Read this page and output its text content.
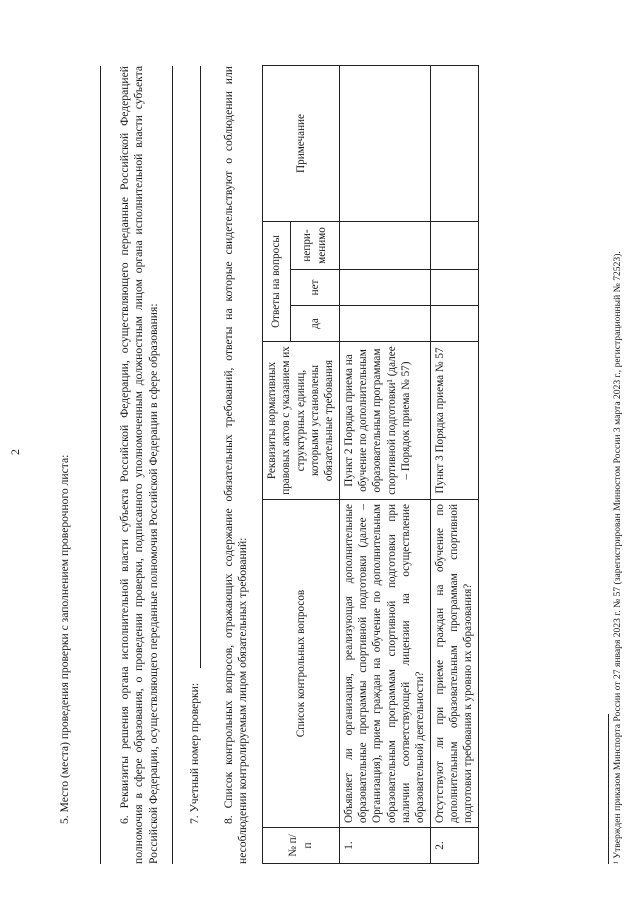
2
5. Место (места) проведения проверки с заполнением проверочного листа:	6. Реквизиты решения органа исполнительной власти субъекта Российской Федерации, осуществляющего переданные Российской Федерацией полномочия в сфере образования, о проведении проверки, подписанного уполномоченным должностным лицом органа исполнительной власти субъекта Российской Федерации, осуществляющего переданные полномочия Российской Федерации в сфере образования: 7. Учетный номер проверки: 8. Список контрольных вопросов, отражающих содержание обязательных требований, ответы на которые свидетельствуют о соблюдении или несоблюдении контролируемым лицом обязательных требований:	№ п/п	Список контрольных вопросов	Реквизиты нормативных правовых актов с указанием их структурных единиц, которыми установлены обязательные требования	Ответы на вопросы			Примечание
			да	нет	непри-менимо	
1.	Объявляет ли организация, реализующая дополнительные образовательные программы спортивной подготовки (далее – Организация), прием граждан на обучение по дополнительным образовательным программам спортивной подготовки при наличии соответствующей лицензии на осуществление образовательной деятельности?	Пункт 2 Порядка приема на обучение по дополнительным образовательным программам спортивной подготовки¹ (далее – Порядок приема № 57)				
2.	Отсутствуют ли при приеме граждан на обучение по дополнительным образовательным программам спортивной подготовки требования к уровню их образования?	Пункт 3 Порядка приема № 57					¹ Утвержден приказом Минспорта России от 27 января 2023 г. № 57 (зарегистрирован Минюстом России 3 марта 2023 г., регистрационный № 72523).
